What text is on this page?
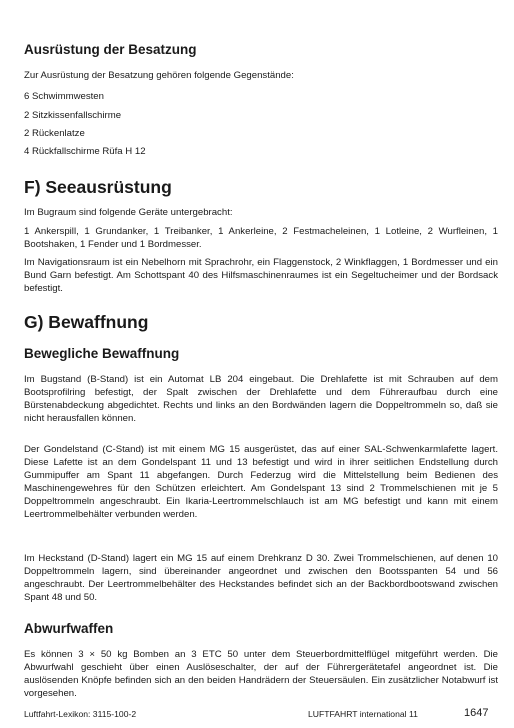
Ausrüstung der Besatzung
Zur Ausrüstung der Besatzung gehören folgende Gegenstände:
6 Schwimmwesten
2 Sitzkissenfallschirme
2 Rückenlatze
4 Rückfallschirme Rüfa H 12
F) Seeausrüstung
Im Bugraum sind folgende Geräte untergebracht:
1 Ankerspill, 1 Grundanker, 1 Treibanker, 1 Ankerleine, 2 Festmacheleinen, 1 Lotleine, 2 Wurfleinen, 1 Bootshaken, 1 Fender und 1 Bordmesser.
Im Navigationsraum ist ein Nebelhorn mit Sprachrohr, ein Flaggenstock, 2 Winkflaggen, 1 Bordmesser und ein Bund Garn befestigt. Am Schottspant 40 des Hilfsmaschinenraumes ist ein Segeltucheimer und der Bordsack befestigt.
G) Bewaffnung
Bewegliche Bewaffnung
Im Bugstand (B-Stand) ist ein Automat LB 204 eingebaut. Die Drehlafette ist mit Schrauben auf dem Bootsprofilring befestigt, der Spalt zwischen der Drehlafette und dem Führeraufbau durch eine Bürstenabdeckung abgedichtet. Rechts und links an den Bordwänden lagern die Doppeltrommeln so, daß sie nicht herausfallen können.
Der Gondelstand (C-Stand) ist mit einem MG 15 ausgerüstet, das auf einer SAL-Schwenkarmlafette lagert. Diese Lafette ist an dem Gondelspant 11 und 13 befestigt und wird in ihrer seitlichen Endstellung durch Gummipuffer am Spant 11 abgefangen. Durch Federzug wird die Mittelstellung beim Bedienen des Maschinengewehres für den Schützen erleichtert. Am Gondelspant 13 sind 2 Trommelschienen mit je 5 Doppeltrommeln angeschraubt. Ein Ikaria-Leertrommelschlauch ist am MG befestigt und kann mit einem Leertrommelbehälter verbunden werden.
Im Heckstand (D-Stand) lagert ein MG 15 auf einem Drehkranz D 30. Zwei Trommelschienen, auf denen 10 Doppeltrommeln lagern, sind übereinander angeordnet und zwischen den Bootsspanten 54 und 56 angeschraubt. Der Leertrommelbehälter des Heckstandes befindet sich an der Backbordbootswand zwischen Spant 48 und 50.
Abwurfwaffen
Es können 3 × 50 kg Bomben an 3 ETC 50 unter dem Steuerbordmittelflügel mitgeführt werden. Die Abwurfwahl geschieht über einen Auslöseschalter, der auf der Führergerätetafel angeordnet ist. Die auslösenden Knöpfe befinden sich an den beiden Handrädern der Steuersäulen. Ein zusätzlicher Notabwurf ist vorgesehen.
Luftfahrt-Lexikon: 3115-100-2	LUFTFAHRT international 11	1647
